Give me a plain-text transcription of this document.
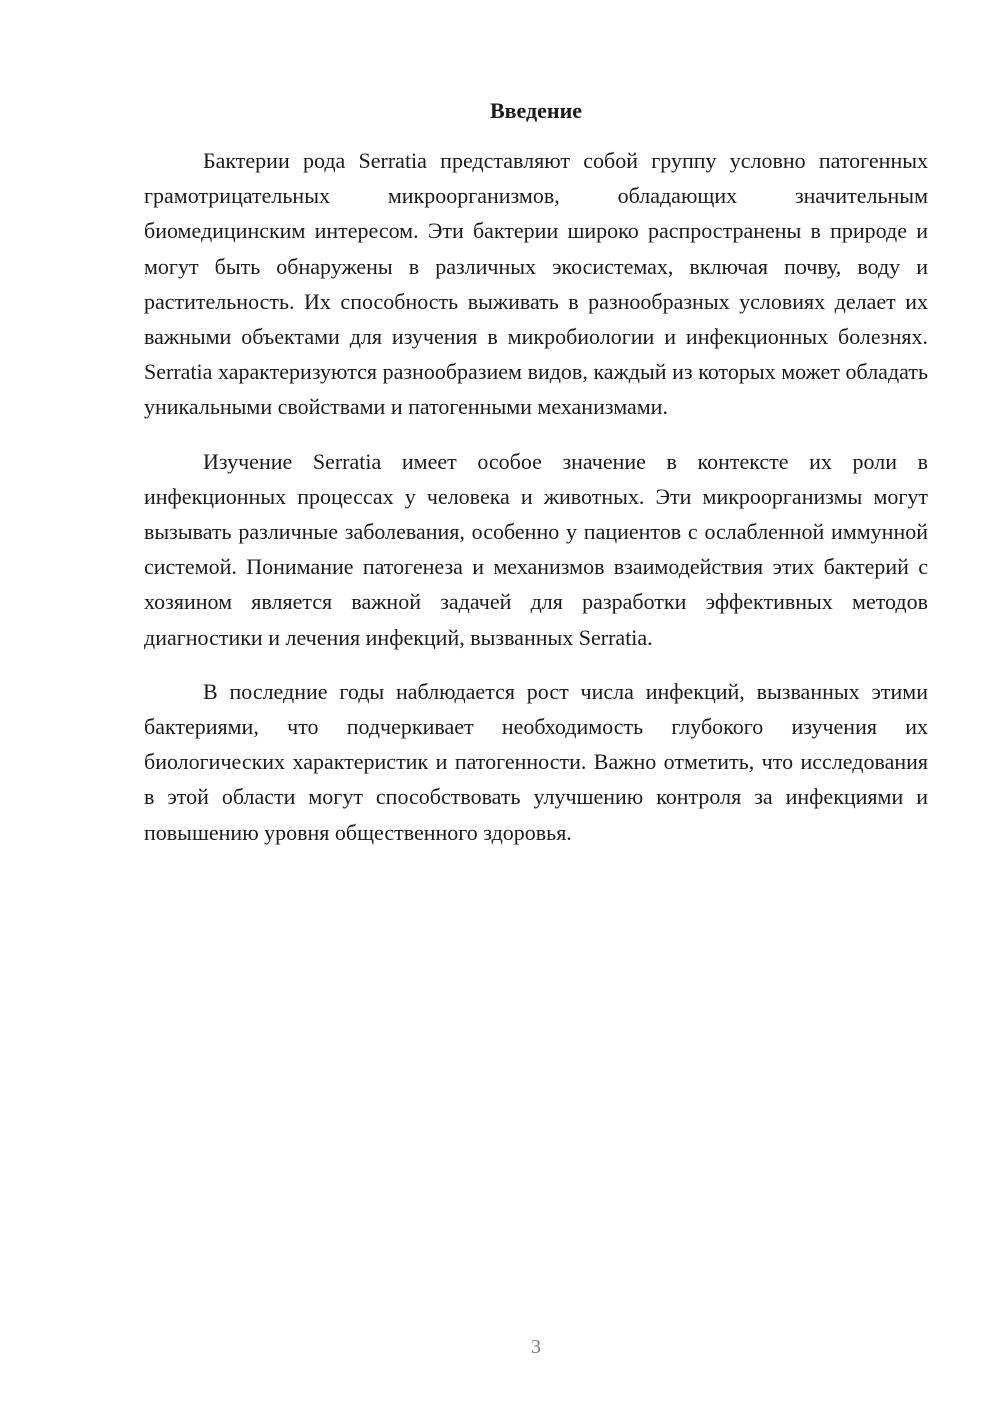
Введение

Бактерии рода Serratia представляют собой группу условно патогенных грамотрицательных микроорганизмов, обладающих значительным биомедицинским интересом. Эти бактерии широко распространены в природе и могут быть обнаружены в различных экосистемах, включая почву, воду и растительность. Их способность выживать в разнообразных условиях делает их важными объектами для изучения в микробиологии и инфекционных болезнях. Serratia характеризуются разнообразием видов, каждый из которых может обладать уникальными свойствами и патогенными механизмами.

Изучение Serratia имеет особое значение в контексте их роли в инфекционных процессах у человека и животных. Эти микроорганизмы могут вызывать различные заболевания, особенно у пациентов с ослабленной иммунной системой. Понимание патогенеза и механизмов взаимодействия этих бактерий с хозяином является важной задачей для разработки эффективных методов диагностики и лечения инфекций, вызванных Serratia.

В последние годы наблюдается рост числа инфекций, вызванных этими бактериями, что подчеркивает необходимость глубокого изучения их биологических характеристик и патогенности. Важно отметить, что исследования в этой области могут способствовать улучшению контроля за инфекциями и повышению уровня общественного здоровья.

3
